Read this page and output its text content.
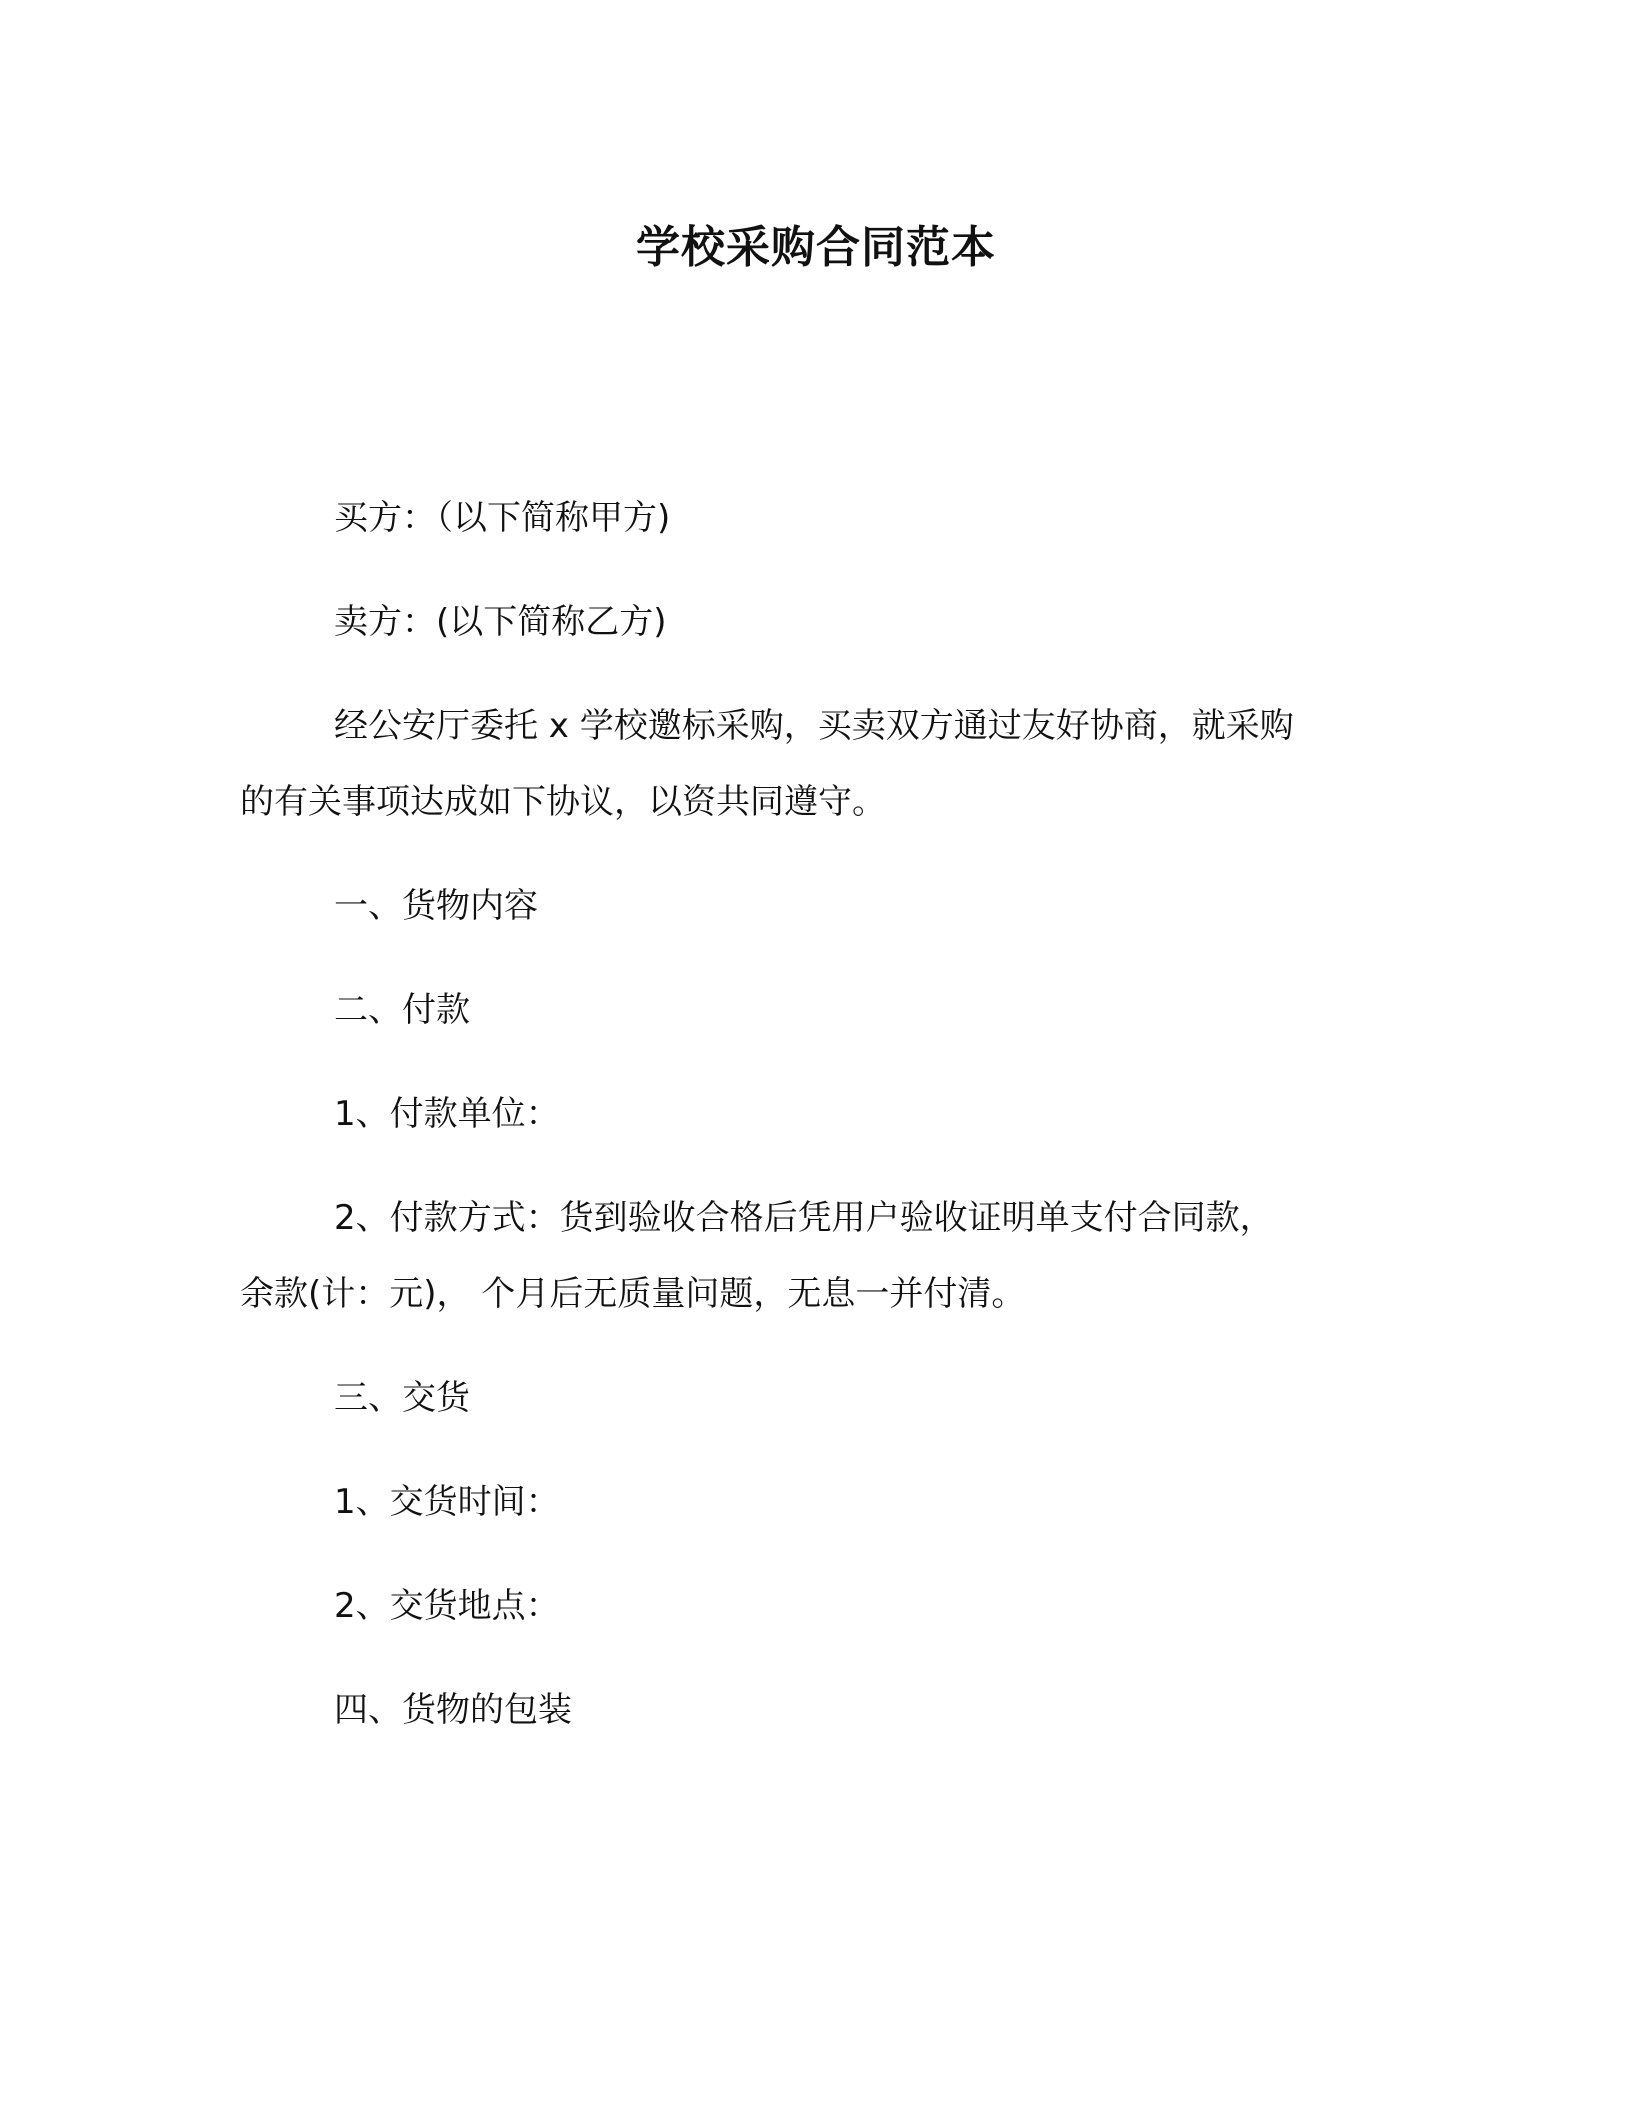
学校采购合同范本

买方：（以下简称甲方)

卖方：(以下简称乙方)

经公安厅委托 x 学校邀标采购，买卖双方通过友好协商，就采购

的有关事项达成如下协议，以资共同遵守。

一、货物内容

二、付款

1、付款单位：

2、付款方式：货到验收合格后凭用户验收证明单支付合同款，

余款(计：元)， 个月后无质量问题，无息一并付清。

三、交货

1、交货时间：

2、交货地点：

四、货物的包装
